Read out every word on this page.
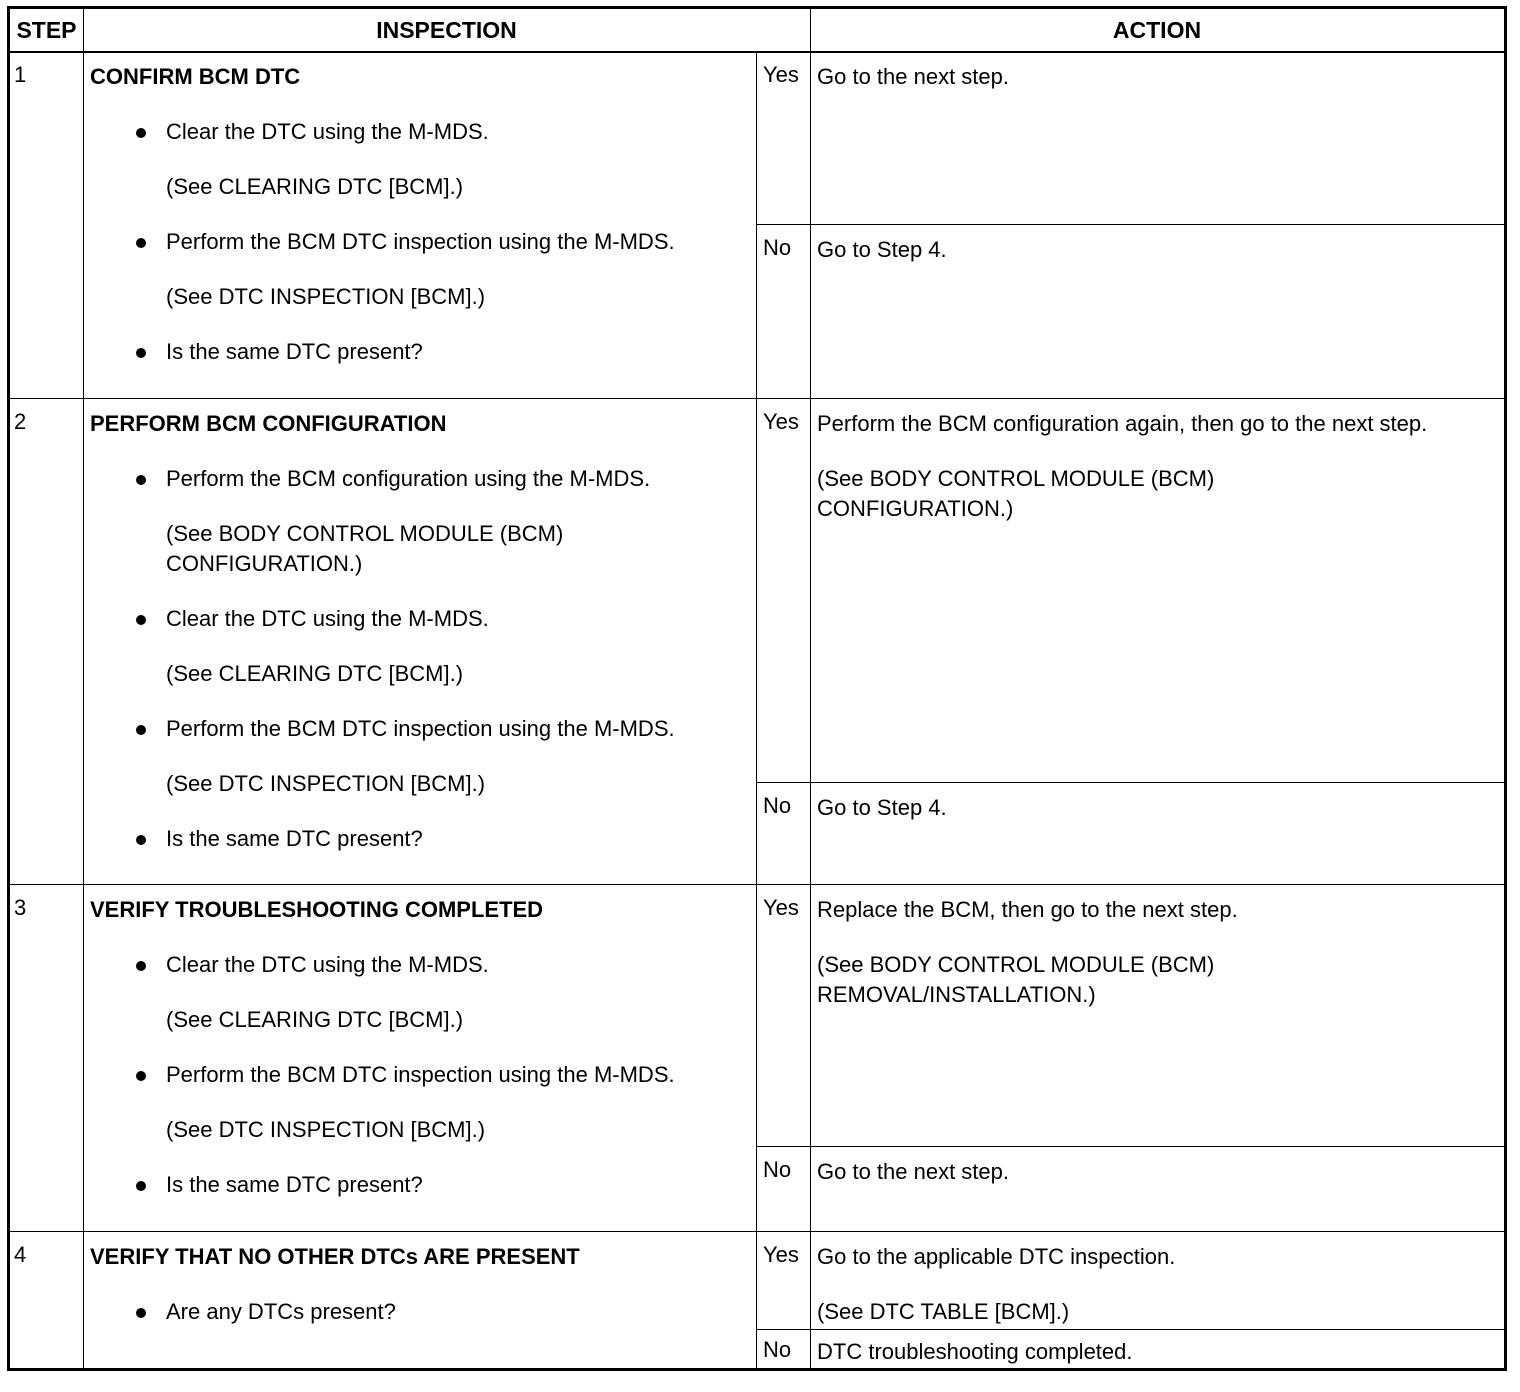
STEP	INSPECTION	ACTION
1	CONFIRM BCM DTC
Clear the DTC using the M-MDS.
(See CLEARING DTC [BCM].)
Perform the BCM DTC inspection using the M-MDS.
(See DTC INSPECTION [BCM].)
Is the same DTC present?
Yes Go to the next step.

No Go to Step 4.

2	PERFORM BCM CONFIGURATION
Perform the BCM configuration using the M-MDS.
(See BODY CONTROL MODULE (BCM) CONFIGURATION.)
Clear the DTC using the M-MDS.
(See CLEARING DTC [BCM].)
Perform the BCM DTC inspection using the M-MDS.
(See DTC INSPECTION [BCM].)
Is the same DTC present?
Yes Perform the BCM configuration again, then go to the next step.

(See BODY CONTROL MODULE (BCM) CONFIGURATION.)

No Go to Step 4.

3	VERIFY TROUBLESHOOTING COMPLETED
Clear the DTC using the M-MDS.
(See CLEARING DTC [BCM].)
Perform the BCM DTC inspection using the M-MDS.
(See DTC INSPECTION [BCM].)
Is the same DTC present?
Yes Replace the BCM, then go to the next step.

(See BODY CONTROL MODULE (BCM) REMOVAL/INSTALLATION.)

No Go to the next step.

4	VERIFY THAT NO OTHER DTCs ARE PRESENT
Are any DTCs present?
Yes Go to the applicable DTC inspection.

(See DTC TABLE [BCM].)

No DTC troubleshooting completed.
